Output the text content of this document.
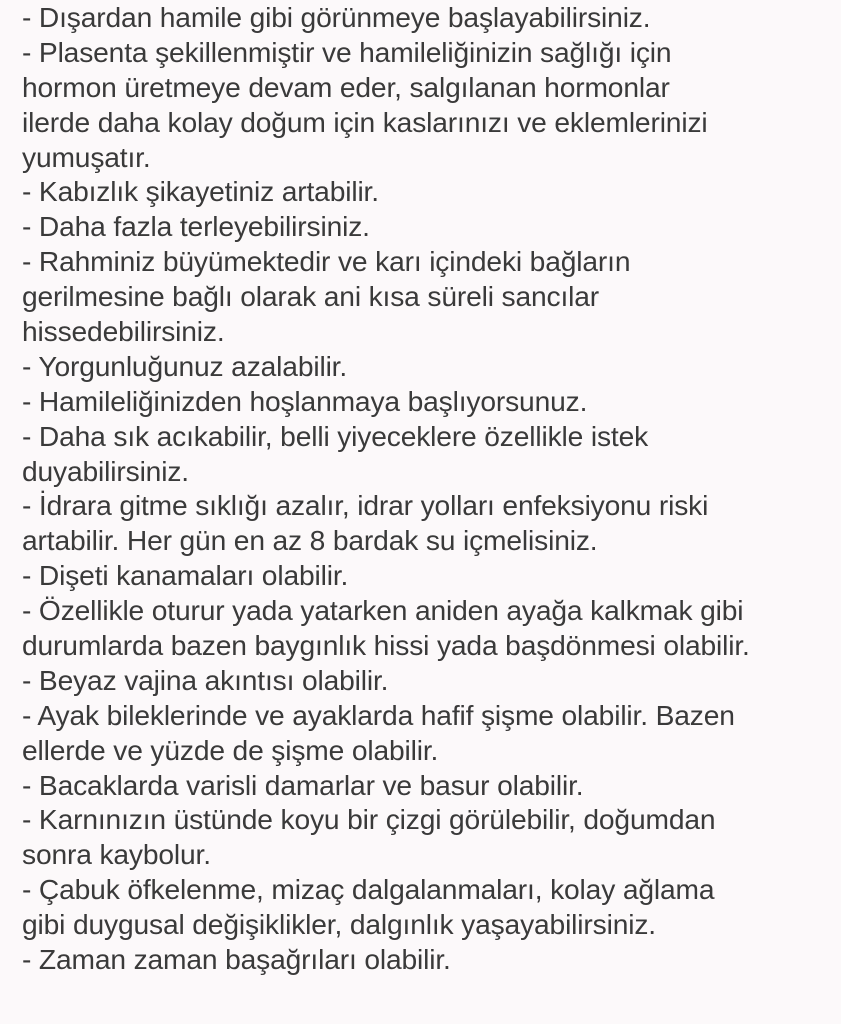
- Dışardan hamile gibi görünmeye başlayabilirsiniz.
- Plasenta şekillenmiştir ve hamileliğinizin sağlığı için
hormon üretmeye devam eder, salgılanan hormonlar
ilerde daha kolay doğum için kaslarınızı ve eklemlerinizi
yumuşatır.
- Kabızlık şikayetiniz artabilir.
- Daha fazla terleyebilirsiniz.
- Rahminiz büyümektedir ve karı içindeki bağların
gerilmesine bağlı olarak ani kısa süreli sancılar
hissedebilirsiniz.
- Yorgunluğunuz azalabilir.
- Hamileliğinizden hoşlanmaya başlıyorsunuz.
- Daha sık acıkabilir, belli yiyeceklere özellikle istek
duyabilirsiniz.
- İdrara gitme sıklığı azalır, idrar yolları enfeksiyonu riski
artabilir. Her gün en az 8 bardak su içmelisiniz.
- Dişeti kanamaları olabilir.
- Özellikle oturur yada yatarken aniden ayağa kalkmak gibi
durumlarda bazen baygınlık hissi yada başdönmesi olabilir.
- Beyaz vajina akıntısı olabilir.
- Ayak bileklerinde ve ayaklarda hafif şişme olabilir. Bazen
ellerde ve yüzde de şişme olabilir.
- Bacaklarda varisli damarlar ve basur olabilir.
- Karnınızın üstünde koyu bir çizgi görülebilir, doğumdan
sonra kaybolur.
- Çabuk öfkelenme, mizaç dalgalanmaları, kolay ağlama
gibi duygusal değişiklikler, dalgınlık yaşayabilirsiniz.
- Zaman zaman başağrıları olabilir.
